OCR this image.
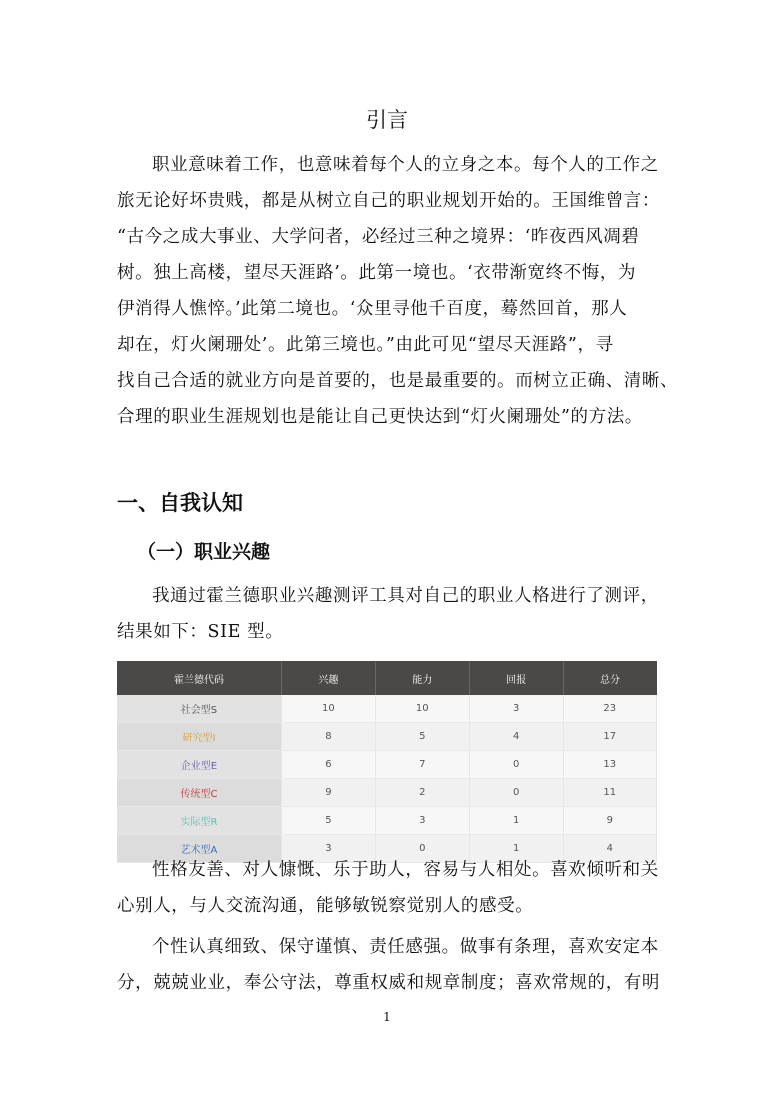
引言
职业意味着工作，也意味着每个人的立身之本。每个人的工作之
旅无论好坏贵贱，都是从树立自己的职业规划开始的。王国维曾言：
“古今之成大事业、大学问者，必经过三种之境界：‘昨夜西风凋碧
树。独上高楼，望尽天涯路’。此第一境也。‘衣带渐宽终不悔，为
伊消得人憔悴。’此第二境也。‘众里寻他千百度，蓦然回首，那人
却在，灯火阑珊处’。此第三境也。”由此可见“望尽天涯路”，寻
找自己合适的就业方向是首要的，也是最重要的。而树立正确、清晰、
合理的职业生涯规划也是能让自己更快达到“灯火阑珊处”的方法。
一、自我认知
（一）职业兴趣
我通过霍兰德职业兴趣测评工具对自己的职业人格进行了测评，
结果如下：SIE 型。
霍兰德代码	兴趣	能力	回报	总分
社会型S	10	10	3	23
研究型I	8	5	4	17
企业型E	6	7	0	13
传统型C	9	2	0	11
实际型R	5	3	1	9
艺术型A	3	0	1	4
性格友善、对人慷慨、乐于助人，容易与人相处。喜欢倾听和关
心别人，与人交流沟通，能够敏锐察觉别人的感受。
个性认真细致、保守谨慎、责任感强。做事有条理，喜欢安定本
分，兢兢业业，奉公守法，尊重权威和规章制度；喜欢常规的，有明
1
